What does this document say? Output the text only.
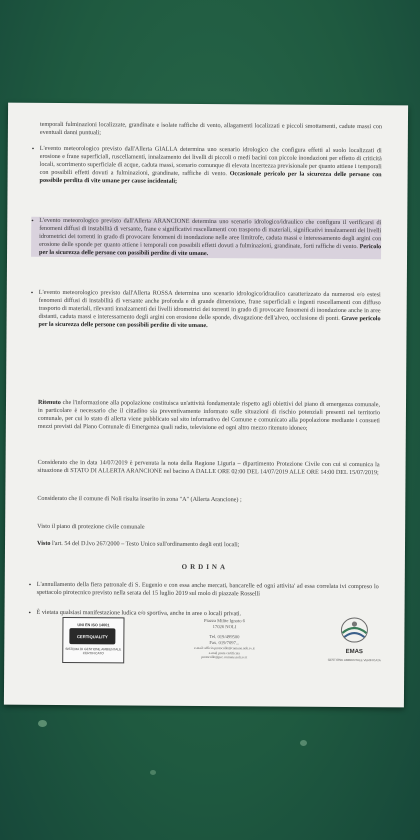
temporali fulminazioni localizzate, grandinate e isolate raffiche di vento, allagamenti localizzati e piccoli smottamenti, cadute massi con eventuali danni puntuali;

• L'evento meteorologico previsto dall'Allerta GIALLA determina uno scenario idrologico che configura effetti al suolo localizzati di erosione e frane superficiali, ruscellamenti, innalzamento dei livelli di piccoli o medi bacini con piccole inondazioni per effetto di criticità locali, scorrimento superficiale di acque, caduta massi, scenario comunque di elevata incertezza previsionale per quanto attiene i temporali con possibili effetti dovuti a fulminazioni, grandinate, raffiche di vento. Occasionale pericolo per la sicurezza delle persone con possibile perdita di vite umane per cause incidentali;
• L'evento meteorologico previsto dall'Allerta ARANCIONE determina uno scenario idrologico/idraulico che configura il verificarsi di fenomeni diffusi di instabilità di versante, frane e significativi ruscellamenti con trasporto di materiali, significativi innalzamenti dei livelli idrometrici dei torrenti in grado di provocare fenomeni di inondazione nelle aree limitrofe, caduta massi e interessamento degli argini con erosione delle sponde per quanto attiene i temporali con possibili effetti dovuti a fulminazioni, grandinate, forti raffiche di vento. Pericolo per la sicurezza delle persone con possibili perdite di vite umane.
• L'evento meteorologico previsto dall'Allerta ROSSA determina uno scenario idrologico/idraulico caratterizzato da numerosi e/o estesi fenomeni diffusi di instabilità di versante anche profonda e di grande dimensione, frane superficiali e ingenti ruscellamenti con diffuso trasporto di materiali, rilevanti innalzamenti dei livelli idrometrici dei torrenti in grado di provocare fenomeni di inondazione anche in aree distanti, caduta massi e interessamento degli argini con erosione delle sponde, divagazione dell'alveo, occlusione di ponti. Grave pericolo per la sicurezza delle persone con possibili perdite di vite umane.

Ritenuto che l'informazione alla popolazione costituisca un'attività fondamentale rispetto agli obiettivi del piano di emergenza comunale, in particolare è necessario che il cittadino sia preventivamente informato sulle situazioni di rischio potenziali presenti nel territorio comunale, per cui lo stato di allerta viene pubblicato sul sito informativo del Comune e comunicato alla popolazione mediante i consueti mezzi previsti dal Piano Comunale di Emergenza quali radio, televisione ed ogni altro mezzo ritenuto idoneo;

Considerato che in data 14/07/2019 è pervenuta la nota della Regione Liguria – dipartimento Protezione Civile con cui si comunica la situazione di STATO DI ALLERTA ARANCIONE nel bacino A DALLE ORE 02:00 DEL 14/07/2019 ALLE ORE 14:00 DEL 15/07/2019;

Considerato che il comune di Noli risulta inserito in zona "A" (Allerta Arancione) ;

Visto il piano di protezione civile comunale

Visto l'art. 54 del D.lvo 267/2000 – Testo Unico sull'ordinamento degli enti locali;

ORDINA
• L'annullamento della fiera patronale di S. Eugenio e con essa anche mercati, bancarelle ed ogni attivita' ad essa correlata ivi compreso lo spettacolo pirotecnico previsto nella serata del 15 luglio 2019 sul molo di piazzale Rosselli
• È vietata qualsiasi manifestazione ludica e/o sportiva, anche in aree o locali privati.
UNI EN ISO 14001
CERTIQUALITY
SISTEMA DI GESTIONE AMBIENTALE CERTIFICATO
Piazza Milite Ignoto 6
17026 NOLI
Tel. 019/499500
Fax. 019/7097...
e-mail: ufficio.protocollo@comune.noli.sv.it
e-mail posta certificata
protocollo@pec.comune.noli.sv.it
EMAS
GESTIONE AMBIENTALE VERIFICATA
